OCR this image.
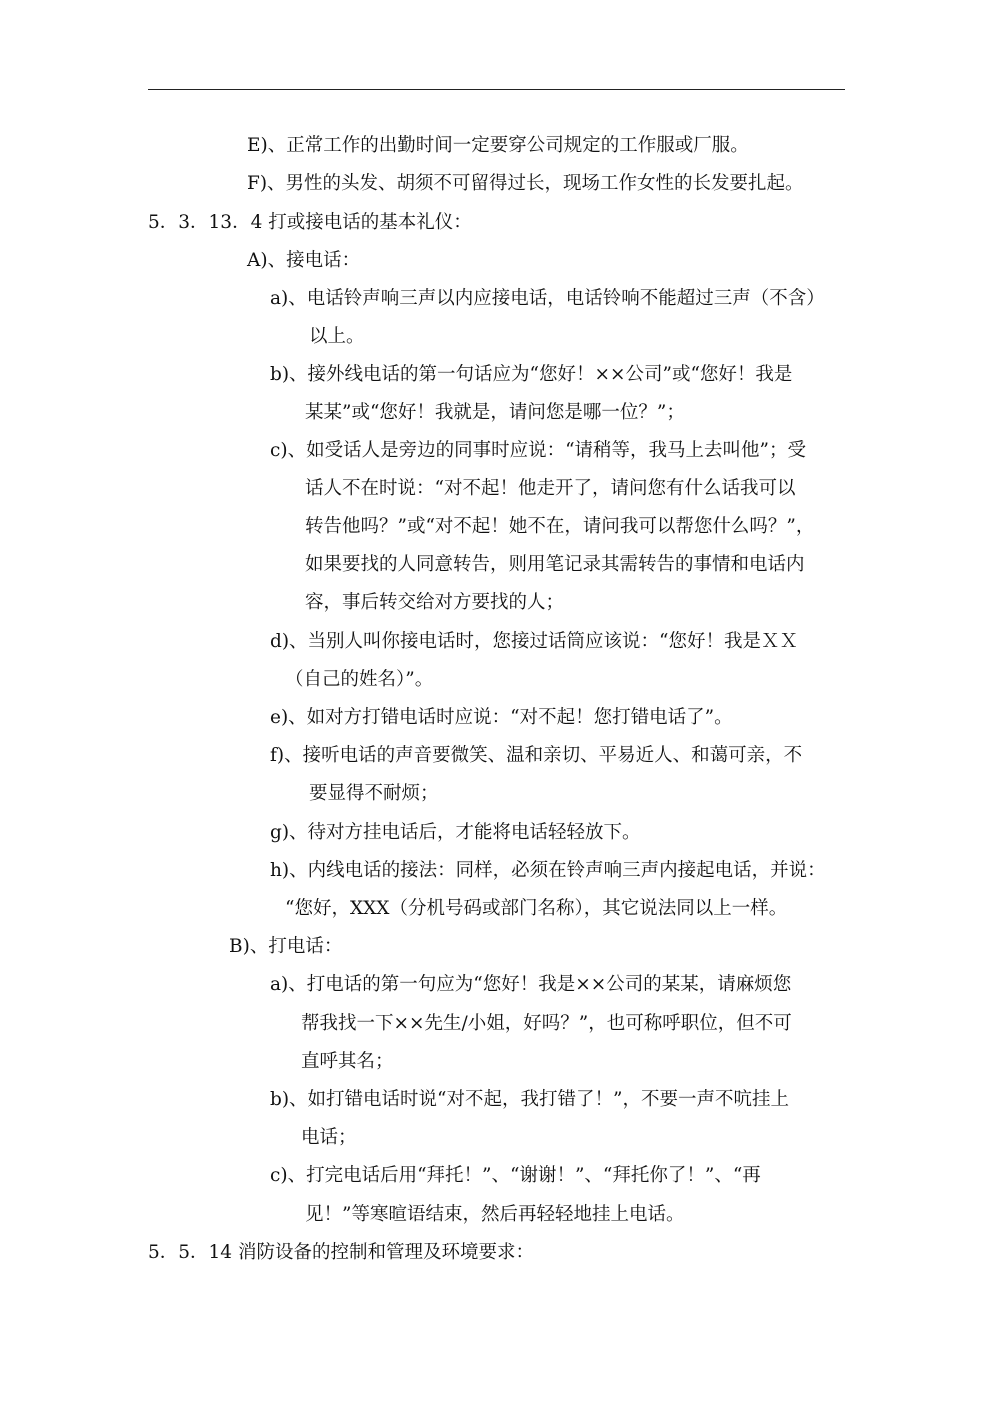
E)、正常工作的出勤时间一定要穿公司规定的工作服或厂服。
F)、男性的头发、胡须不可留得过长，现场工作女性的长发要扎起。
5．3．13．4 打或接电话的基本礼仪：
A)、接电话：
a)、电话铃声响三声以内应接电话，电话铃响不能超过三声（不含）
以上。
b)、接外线电话的第一句话应为“您好！××公司”或“您好！我是
某某”或“您好！我就是，请问您是哪一位？”；
c)、如受话人是旁边的同事时应说：“请稍等，我马上去叫他”；受
话人不在时说：“对不起！他走开了，请问您有什么话我可以
转告他吗？”或“对不起！她不在，请问我可以帮您什么吗？”，
如果要找的人同意转告，则用笔记录其需转告的事情和电话内
容，事后转交给对方要找的人；
d)、当别人叫你接电话时，您接过话筒应该说：“您好！我是ＸＸ
（自己的姓名）”。
e)、如对方打错电话时应说：“对不起！您打错电话了”。
f)、接听电话的声音要微笑、温和亲切、平易近人、和蔼可亲，不
要显得不耐烦；
g)、待对方挂电话后，才能将电话轻轻放下。
h)、内线电话的接法：同样，必须在铃声响三声内接起电话，并说：
“您好，XXX（分机号码或部门名称），其它说法同以上一样。
B)、打电话：
a)、打电话的第一句应为“您好！我是××公司的某某，请麻烦您
帮我找一下××先生/小姐，好吗？”，也可称呼职位，但不可
直呼其名；
b)、如打错电话时说“对不起，我打错了！”，不要一声不吭挂上
电话；
c)、打完电话后用“拜托！”、“谢谢！”、“拜托你了！”、“再
见！”等寒暄语结束，然后再轻轻地挂上电话。
5．5．14 消防设备的控制和管理及环境要求：
